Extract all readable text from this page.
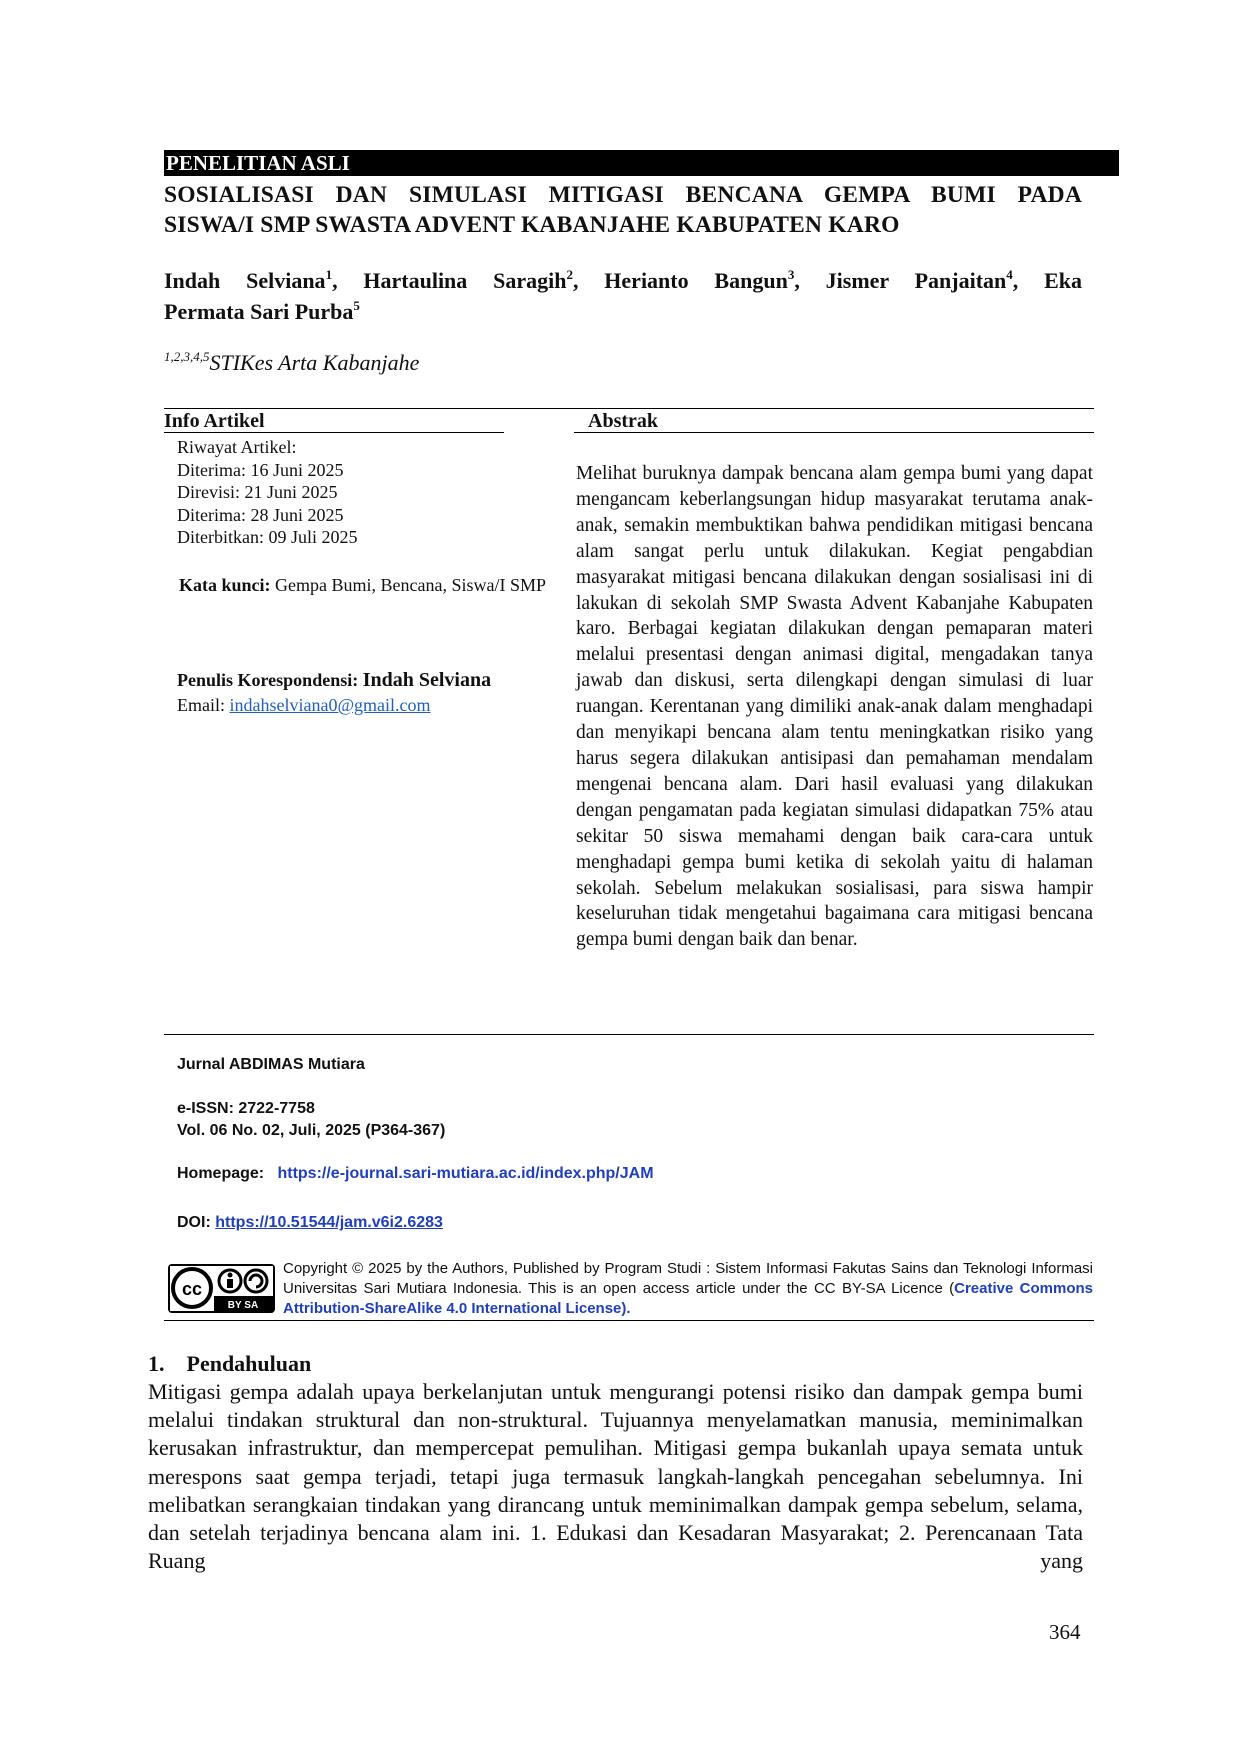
PENELITIAN ASLI
SOSIALISASI DAN SIMULASI MITIGASI BENCANA GEMPA BUMI PADA
SISWA/I SMP SWASTA ADVENT KABANJAHE KABUPATEN KARO
Indah Selviana$^1$, Hartaulina Saragih$^2$, Herianto Bangun$^3$, Jismer Panjaitan$^4$, Eka
Permata Sari Purba$^5$
$^{1,2,3,4,5}$STIKes Arta Kabanjahe
Info Artikel	Abstrak
Riwayat Artikel:
Diterima: 16 Juni 2025
Direvisi: 21 Juni 2025
Diterima: 28 Juni 2025
Diterbitkan: 09 Juli 2025
Kata kunci: Gempa Bumi, Bencana, Siswa/I SMP
Penulis Korespondensi: Indah Selviana
Email: indahselviana0@gmail.com
Melihat buruknya dampak bencana alam gempa bumi yang dapat mengancam keberlangsungan hidup masyarakat terutama anak-anak, semakin membuktikan bahwa pendidikan mitigasi bencana alam sangat perlu untuk dilakukan. Kegiat pengabdian masyarakat mitigasi bencana dilakukan dengan sosialisasi ini di lakukan di sekolah SMP Swasta Advent Kabanjahe Kabupaten karo. Berbagai kegiatan dilakukan dengan pemaparan materi melalui presentasi dengan animasi digital, mengadakan tanya jawab dan diskusi, serta dilengkapi dengan simulasi di luar ruangan. Kerentanan yang dimiliki anak-anak dalam menghadapi dan menyikapi bencana alam tentu meningkatkan risiko yang harus segera dilakukan antisipasi dan pemahaman mendalam mengenai bencana alam. Dari hasil evaluasi yang dilakukan dengan pengamatan pada kegiatan simulasi didapatkan 75% atau sekitar 50 siswa memahami dengan baik cara-cara untuk menghadapi gempa bumi ketika di sekolah yaitu di halaman sekolah. Sebelum melakukan sosialisasi, para siswa hampir keseluruhan tidak mengetahui bagaimana cara mitigasi bencana gempa bumi dengan baik dan benar.
Jurnal ABDIMAS Mutiara
e-ISSN: 2722-7758
Vol. 06 No. 02, Juli, 2025 (P364-367)
Homepage: https://e-journal.sari-mutiara.ac.id/index.php/JAM
DOI: https://10.51544/jam.v6i2.6283
cc
BY SA
Copyright © 2025 by the Authors, Published by Program Studi : Sistem Informasi Fakutas Sains dan Teknologi Informasi Universitas Sari Mutiara Indonesia. This is an open access article under the CC BY-SA Licence (Creative Commons Attribution-ShareAlike 4.0 International License).
1. Pendahuluan
Mitigasi gempa adalah upaya berkelanjutan untuk mengurangi potensi risiko dan dampak gempa bumi melalui tindakan struktural dan non-struktural. Tujuannya menyelamatkan manusia, meminimalkan kerusakan infrastruktur, dan mempercepat pemulihan. Mitigasi gempa bukanlah upaya semata untuk merespons saat gempa terjadi, tetapi juga termasuk langkah-langkah pencegahan sebelumnya. Ini melibatkan serangkaian tindakan yang dirancang untuk meminimalkan dampak gempa sebelum, selama, dan setelah terjadinya bencana alam ini. 1. Edukasi dan Kesadaran Masyarakat; 2. Perencanaan Tata Ruang yang
364
